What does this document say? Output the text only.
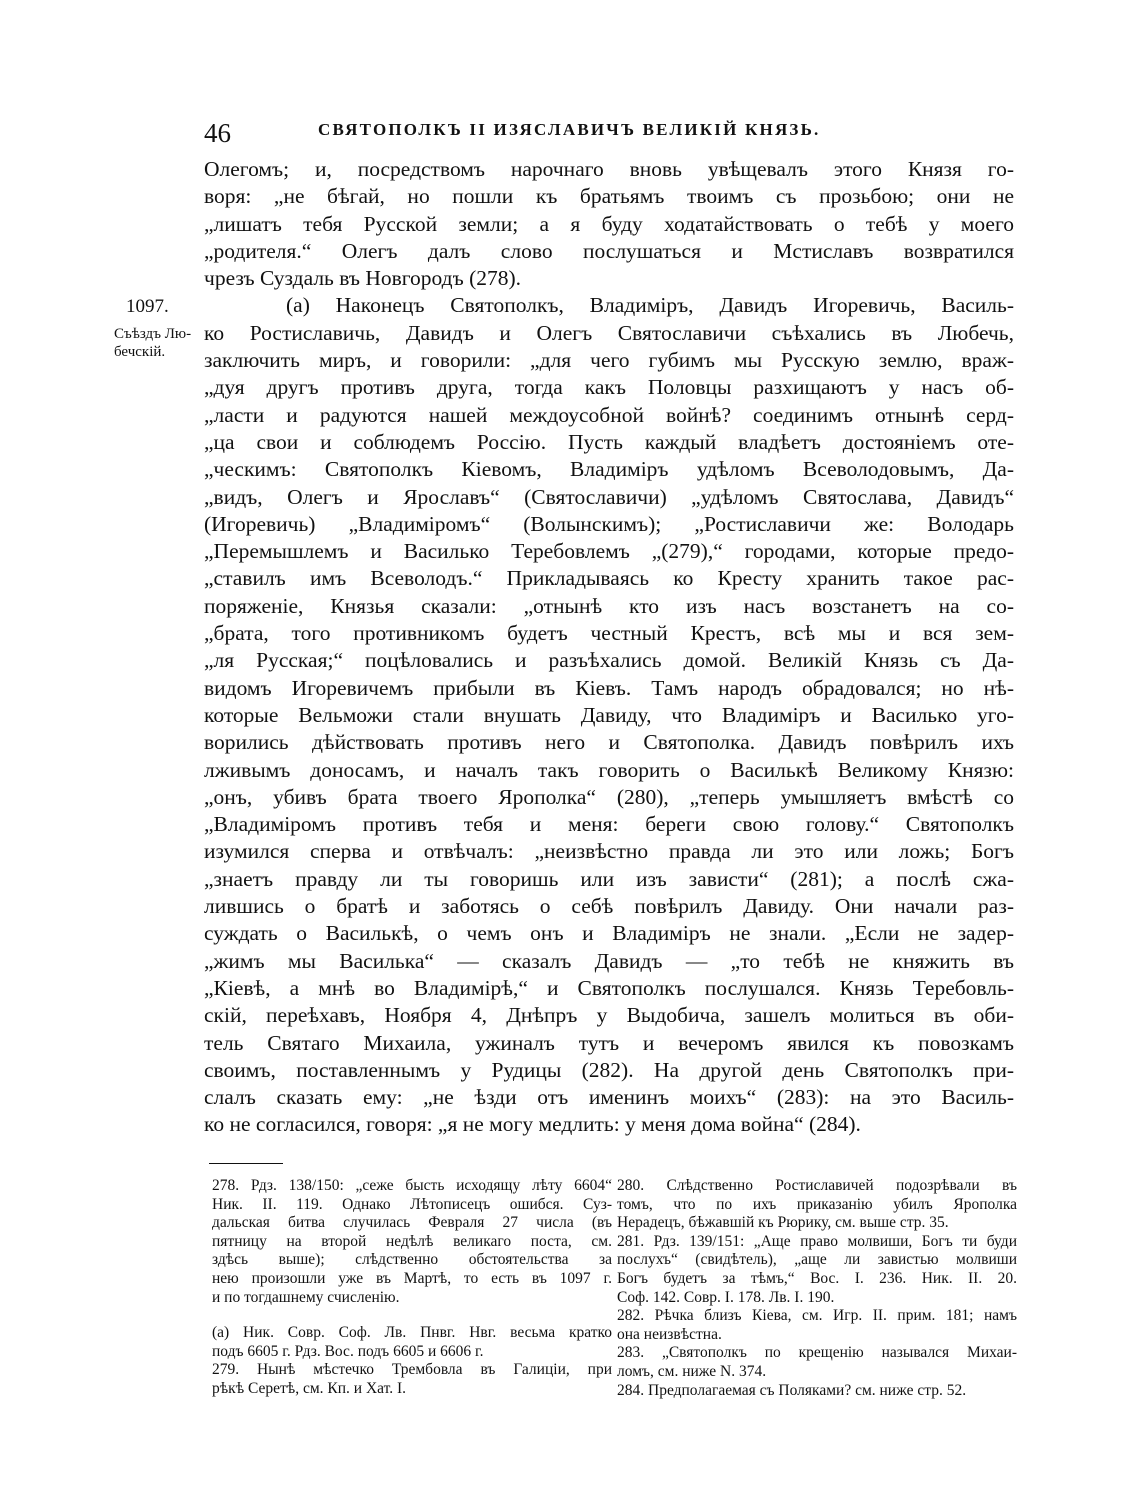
46	СВЯТОПОЛКЪ II ИЗЯСЛАВИЧЪ ВЕЛИКІЙ КНЯЗЬ.
1097.
Съѣздъ Лю-
бечскій.
Олегомъ; и, посредствомъ нарочнаго вновь увѣщевалъ этого Князя го-
воря: „не бѣгай, но пошли къ братьямъ твоимъ съ прозьбою; они не
„лишатъ тебя Русской земли; а я буду ходатайствовать о тебѣ у моего
„родителя.“ Олегъ далъ слово послушаться и Мстиславъ возвратился
чрезъ Суздаль въ Новгородъ (278).
(а) Наконецъ Святополкъ, Владиміръ, Давидъ Игоревичь, Василь-
ко Ростиславичь, Давидъ и Олегъ Святославичи съѣхались въ Любечь,
заключить миръ, и говорили: „для чего губимъ мы Русскую землю, враж-
„дуя другъ противъ друга, тогда какъ Половцы разхищаютъ у насъ об-
„ласти и радуются нашей междоусобной войнѣ? соединимъ отнынѣ серд-
„ца свои и соблюдемъ Россію. Пусть каждый владѣетъ достояніемъ оте-
„ческимъ: Святополкъ Кіевомъ, Владиміръ удѣломъ Всеволодовымъ, Да-
„видъ, Олегъ и Ярославъ“ (Святославичи) „удѣломъ Святослава, Давидъ“
(Игоревичь) „Владиміромъ“ (Волынскимъ); „Ростиславичи же: Володарь
„Перемышлемъ и Василько Теребовлемъ „(279),“ городами, которые предо-
„ставилъ имъ Всеволодъ.“ Прикладываясь ко Кресту хранить такое рас-
поряженіе, Князья сказали: „отнынѣ кто изъ насъ возстанетъ на со-
„брата, того противникомъ будетъ честный Крестъ, всѣ мы и вся зем-
„ля Русская;“ поцѣловались и разъѣхались домой. Великій Князь съ Да-
видомъ Игоревичемъ прибыли въ Кіевъ. Тамъ народъ обрадовался; но нѣ-
которые Вельможи стали внушать Давиду, что Владиміръ и Василько уго-
ворились дѣйствовать противъ него и Святополка. Давидъ повѣрилъ ихъ
лживымъ доносамъ, и началъ такъ говорить о Василькѣ Великому Князю:
„онъ, убивъ брата твоего Ярополка“ (280), „теперь умышляетъ вмѣстѣ со
„Владиміромъ противъ тебя и меня: береги свою голову.“ Святополкъ
изумился сперва и отвѣчалъ: „неизвѣстно правда ли это или ложь; Богъ
„знаетъ правду ли ты говоришь или изъ зависти“ (281); а послѣ сжа-
лившись о братѣ и заботясь о себѣ повѣрилъ Давиду. Они начали раз-
суждать о Василькѣ, о чемъ онъ и Владиміръ не знали. „Если не задер-
„жимъ мы Василька“ — сказалъ Давидъ — „то тебѣ не княжить въ
„Кіевѣ, а мнѣ во Владимірѣ,“ и Святополкъ послушался. Князь Теребовль-
скій, переѣхавъ, Ноября 4, Днѣпръ у Выдобича, зашелъ молиться въ оби-
тель Святаго Михаила, ужиналъ тутъ и вечеромъ явился къ повозкамъ
своимъ, поставленнымъ у Рудицы (282). На другой день Святополкъ при-
слалъ сказать ему: „не ѣзди отъ именинъ моихъ“ (283): на это Василь-
ко не согласился, говоря: „я не могу медлить: у меня дома война“ (284).
278. Рдз. 138/150: „сеже бысть исходящу лѣту 6604“
Ник. II. 119. Однако Лѣтописецъ ошибся. Суз-
дальская битва случилась Февраля 27 числа (въ
пятницу на второй недѣлѣ великаго поста, см.
здѣсь выше); слѣдственно обстоятельства за
нею произошли уже въ Мартѣ, то есть въ 1097 г.
и по тогдашнему счисленію.
(а) Ник. Совр. Соф. Лв. Пнвг. Нвг. весьма кратко
подъ 6605 г. Рдз. Вос. подъ 6605 и 6606 г.
279. Нынѣ мѣстечко Трембовла въ Галиціи, при
рѣкѣ Серетѣ, см. Кп. и Хат. I.
280. Слѣдственно Ростиславичей подозрѣвали въ
томъ, что по ихъ приказанію убилъ Ярополка
Нерадецъ, бѣжавшій къ Рюрику, см. выше стр. 35.
281. Рдз. 139/151: „Аще право молвиши, Богъ ти буди
послухъ“ (свидѣтель), „аще ли завистью молвиши
Богъ будетъ за тѣмъ,“ Вос. I. 236. Ник. II. 20.
Соф. 142. Совр. I. 178. Лв. I. 190.
282. Рѣчка близъ Кіева, см. Игр. II. прим. 181; намъ
она неизвѣстна.
283. „Святополкъ по крещенію назывался Михаи-
ломъ, см. ниже N. 374.
284. Предполагаемая съ Поляками? см. ниже стр. 52.
